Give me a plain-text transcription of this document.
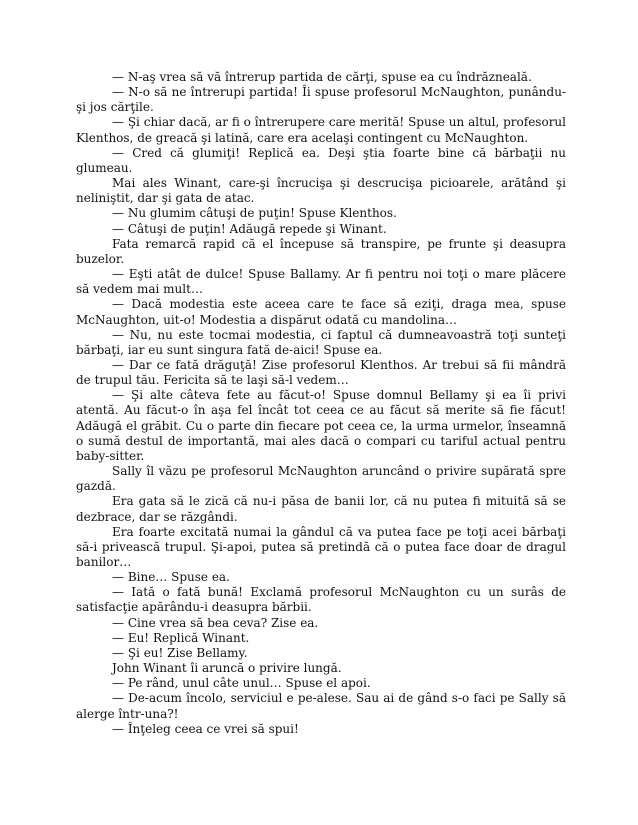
— N-aş vrea să vă întrerup partida de cărţi, spuse ea cu îndrăzneală.

— N-o să ne întrerupi partida! Îi spuse profesorul McNaughton, punându-şi jos cărţile.

— Şi chiar dacă, ar fi o întrerupere care merită! Spuse un altul, profesorul Klenthos, de greacă şi latină, care era acelaşi contingent cu McNaughton.

— Cred că glumiţi! Replică ea. Deşi ştia foarte bine că bărbaţii nu glumeau.

Mai ales Winant, care-şi încrucişa şi descrucişa picioarele, arătând şi neliniştit, dar şi gata de atac.

— Nu glumim câtuşi de puţin! Spuse Klenthos.

— Câtuşi de puţin! Adăugă repede şi Winant.

Fata remarcă rapid că el începuse să transpire, pe frunte şi deasupra buzelor.

— Eşti atât de dulce! Spuse Ballamy. Ar fi pentru noi toţi o mare plăcere să vedem mai mult…

— Dacă modestia este aceea care te face să eziţi, draga mea, spuse McNaughton, uit-o! Modestia a dispărut odată cu mandolina…

— Nu, nu este tocmai modestia, ci faptul că dumneavoastră toţi sunteţi bărbaţi, iar eu sunt singura fată de-aici! Spuse ea.

— Dar ce fată drăguţă! Zise profesorul Klenthos. Ar trebui să fii mândră de trupul tău. Fericita să te laşi să-l vedem…

— Şi alte câteva fete au făcut-o! Spuse domnul Bellamy şi ea îi privi atentă. Au făcut-o în aşa fel încât tot ceea ce au făcut să merite să fie făcut! Adăugă el grăbit. Cu o parte din fiecare pot ceea ce, la urma urmelor, înseamnă o sumă destul de importantă, mai ales dacă o compari cu tariful actual pentru baby-sitter.

Sally îl văzu pe profesorul McNaughton aruncând o privire supărată spre gazdă.

Era gata să le zică că nu-i păsa de banii lor, că nu putea fi mituită să se dezbrace, dar se răzgândi.

Era foarte excitată numai la gândul că va putea face pe toţi acei bărbaţi să-i privească trupul. Şi-apoi, putea să pretindă că o putea face doar de dragul banilor…

— Bine… Spuse ea.

— Iată o fată bună! Exclamă profesorul McNaughton cu un surâs de satisfacţie apărându-i deasupra bărbii.

— Cine vrea să bea ceva? Zise ea.

— Eu! Replică Winant.

— Şi eu! Zise Bellamy.

John Winant îi aruncă o privire lungă.

— Pe rând, unul câte unul… Spuse el apoi.

— De-acum încolo, serviciul e pe-alese. Sau ai de gând s-o faci pe Sally să alerge într-una?!

— Înţeleg ceea ce vrei să spui!
